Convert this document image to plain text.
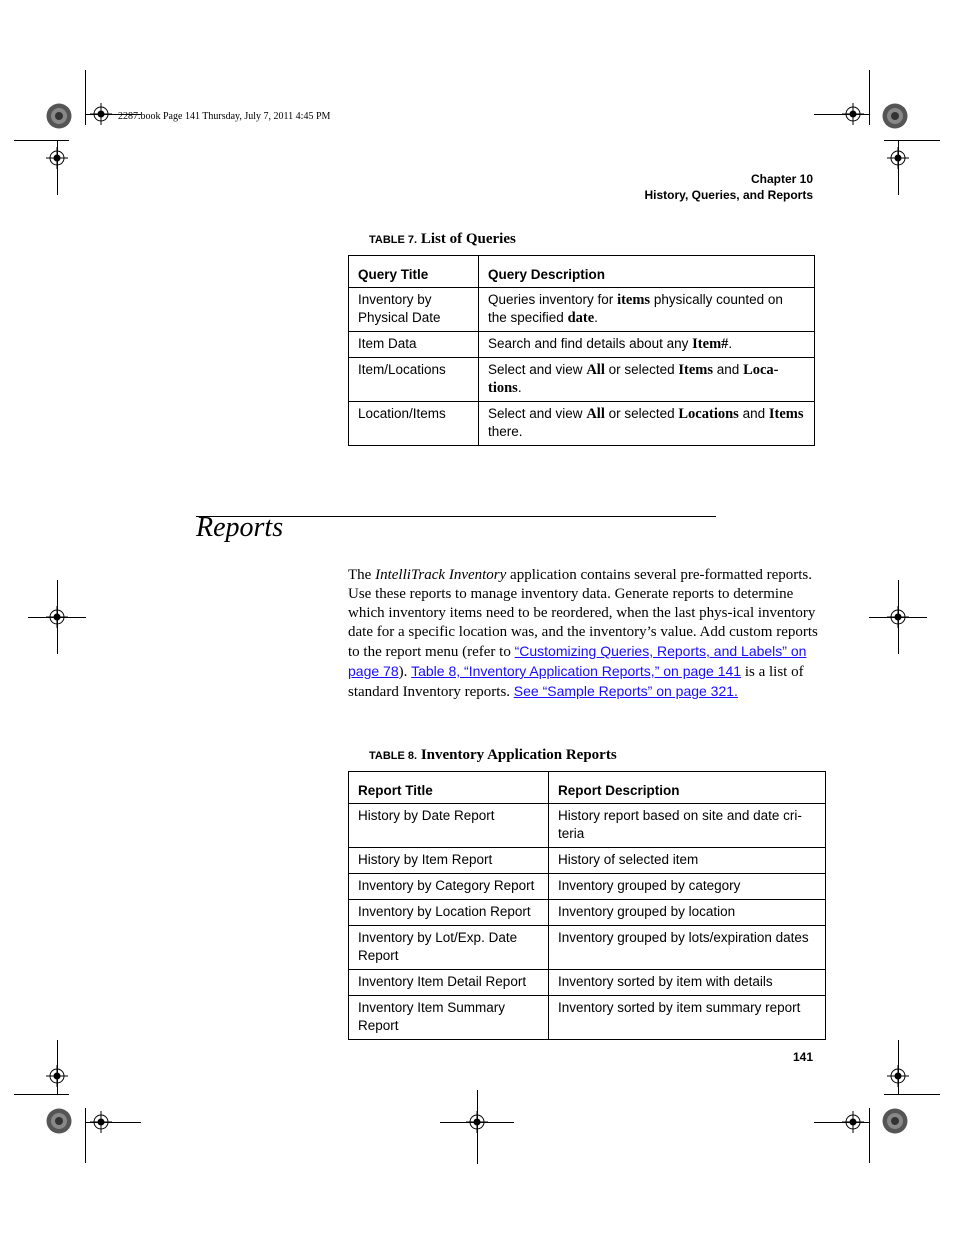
2287.book Page 141 Thursday, July 7, 2011 4:45 PM
Chapter 10
History, Queries, and Reports
TABLE 7. List of Queries
Query Title	Query Description
Inventory by Physical Date	Queries inventory for items physically counted on the specified date.
Item Data	Search and find details about any Item#.
Item/Locations	Select and view All or selected Items and Loca-tions.
Location/Items	Select and view All or selected Locations and Items there.
Reports
The IntelliTrack Inventory application contains several pre-formatted reports. Use these reports to manage inventory data. Generate reports to determine which inventory items need to be reordered, when the last phys-ical inventory date for a specific location was, and the inventory’s value. Add custom reports to the report menu (refer to “Customizing Queries, Reports, and Labels” on page 78). Table 8, “Inventory Application Reports,” on page 141 is a list of standard Inventory reports. See “Sample Reports” on page 321.
TABLE 8. Inventory Application Reports
Report Title	Report Description
History by Date Report	History report based on site and date cri-teria
History by Item Report	History of selected item
Inventory by Category Report	Inventory grouped by category
Inventory by Location Report	Inventory grouped by location
Inventory by Lot/Exp. Date Report	Inventory grouped by lots/expiration dates
Inventory Item Detail Report	Inventory sorted by item with details
Inventory Item Summary Report	Inventory sorted by item summary report
141
